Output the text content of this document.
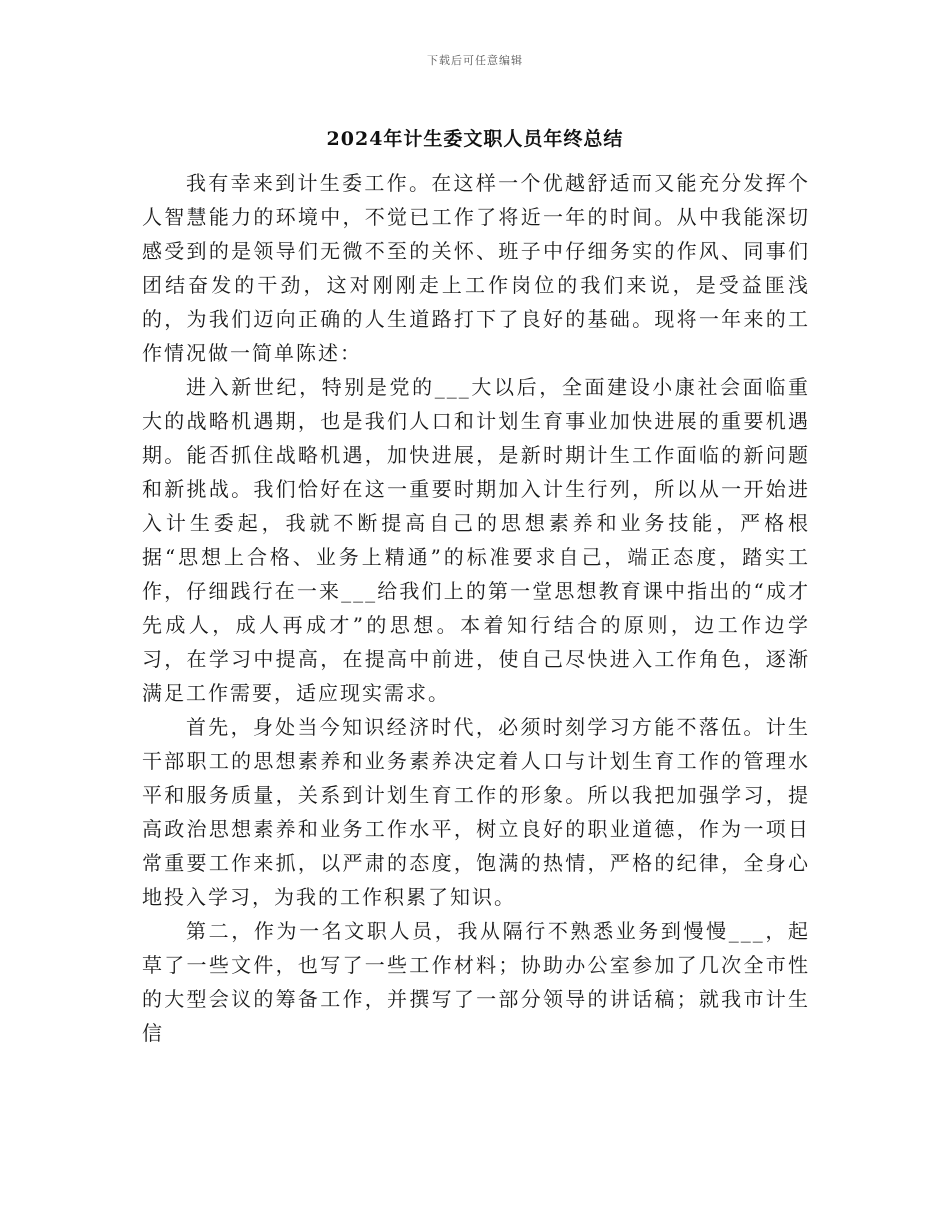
下载后可任意编辑
2024年计生委文职人员年终总结

我有幸来到计生委工作。在这样一个优越舒适而又能充分发挥个人智慧能力的环境中，不觉已工作了将近一年的时间。从中我能深切感受到的是领导们无微不至的关怀、班子中仔细务实的作风、同事们团结奋发的干劲，这对刚刚走上工作岗位的我们来说，是受益匪浅的，为我们迈向正确的人生道路打下了良好的基础。现将一年来的工作情况做一简单陈述：

进入新世纪，特别是党的___大以后，全面建设小康社会面临重大的战略机遇期，也是我们人口和计划生育事业加快进展的重要机遇期。能否抓住战略机遇，加快进展，是新时期计生工作面临的新问题和新挑战。我们恰好在这一重要时期加入计生行列，所以从一开始进入计生委起，我就不断提高自己的思想素养和业务技能，严格根据“思想上合格、业务上精通”的标准要求自己，端正态度，踏实工作，仔细践行在一来___给我们上的第一堂思想教育课中指出的“成才先成人，成人再成才”的思想。本着知行结合的原则，边工作边学习，在学习中提高，在提高中前进，使自己尽快进入工作角色，逐渐满足工作需要，适应现实需求。

首先，身处当今知识经济时代，必须时刻学习方能不落伍。计生干部职工的思想素养和业务素养决定着人口与计划生育工作的管理水平和服务质量，关系到计划生育工作的形象。所以我把加强学习，提高政治思想素养和业务工作水平，树立良好的职业道德，作为一项日常重要工作来抓，以严肃的态度，饱满的热情，严格的纪律，全身心地投入学习，为我的工作积累了知识。

第二，作为一名文职人员，我从隔行不熟悉业务到慢慢___，起草了一些文件，也写了一些工作材料；协助办公室参加了几次全市性的大型会议的筹备工作，并撰写了一部分领导的讲话稿；就我市计生信
